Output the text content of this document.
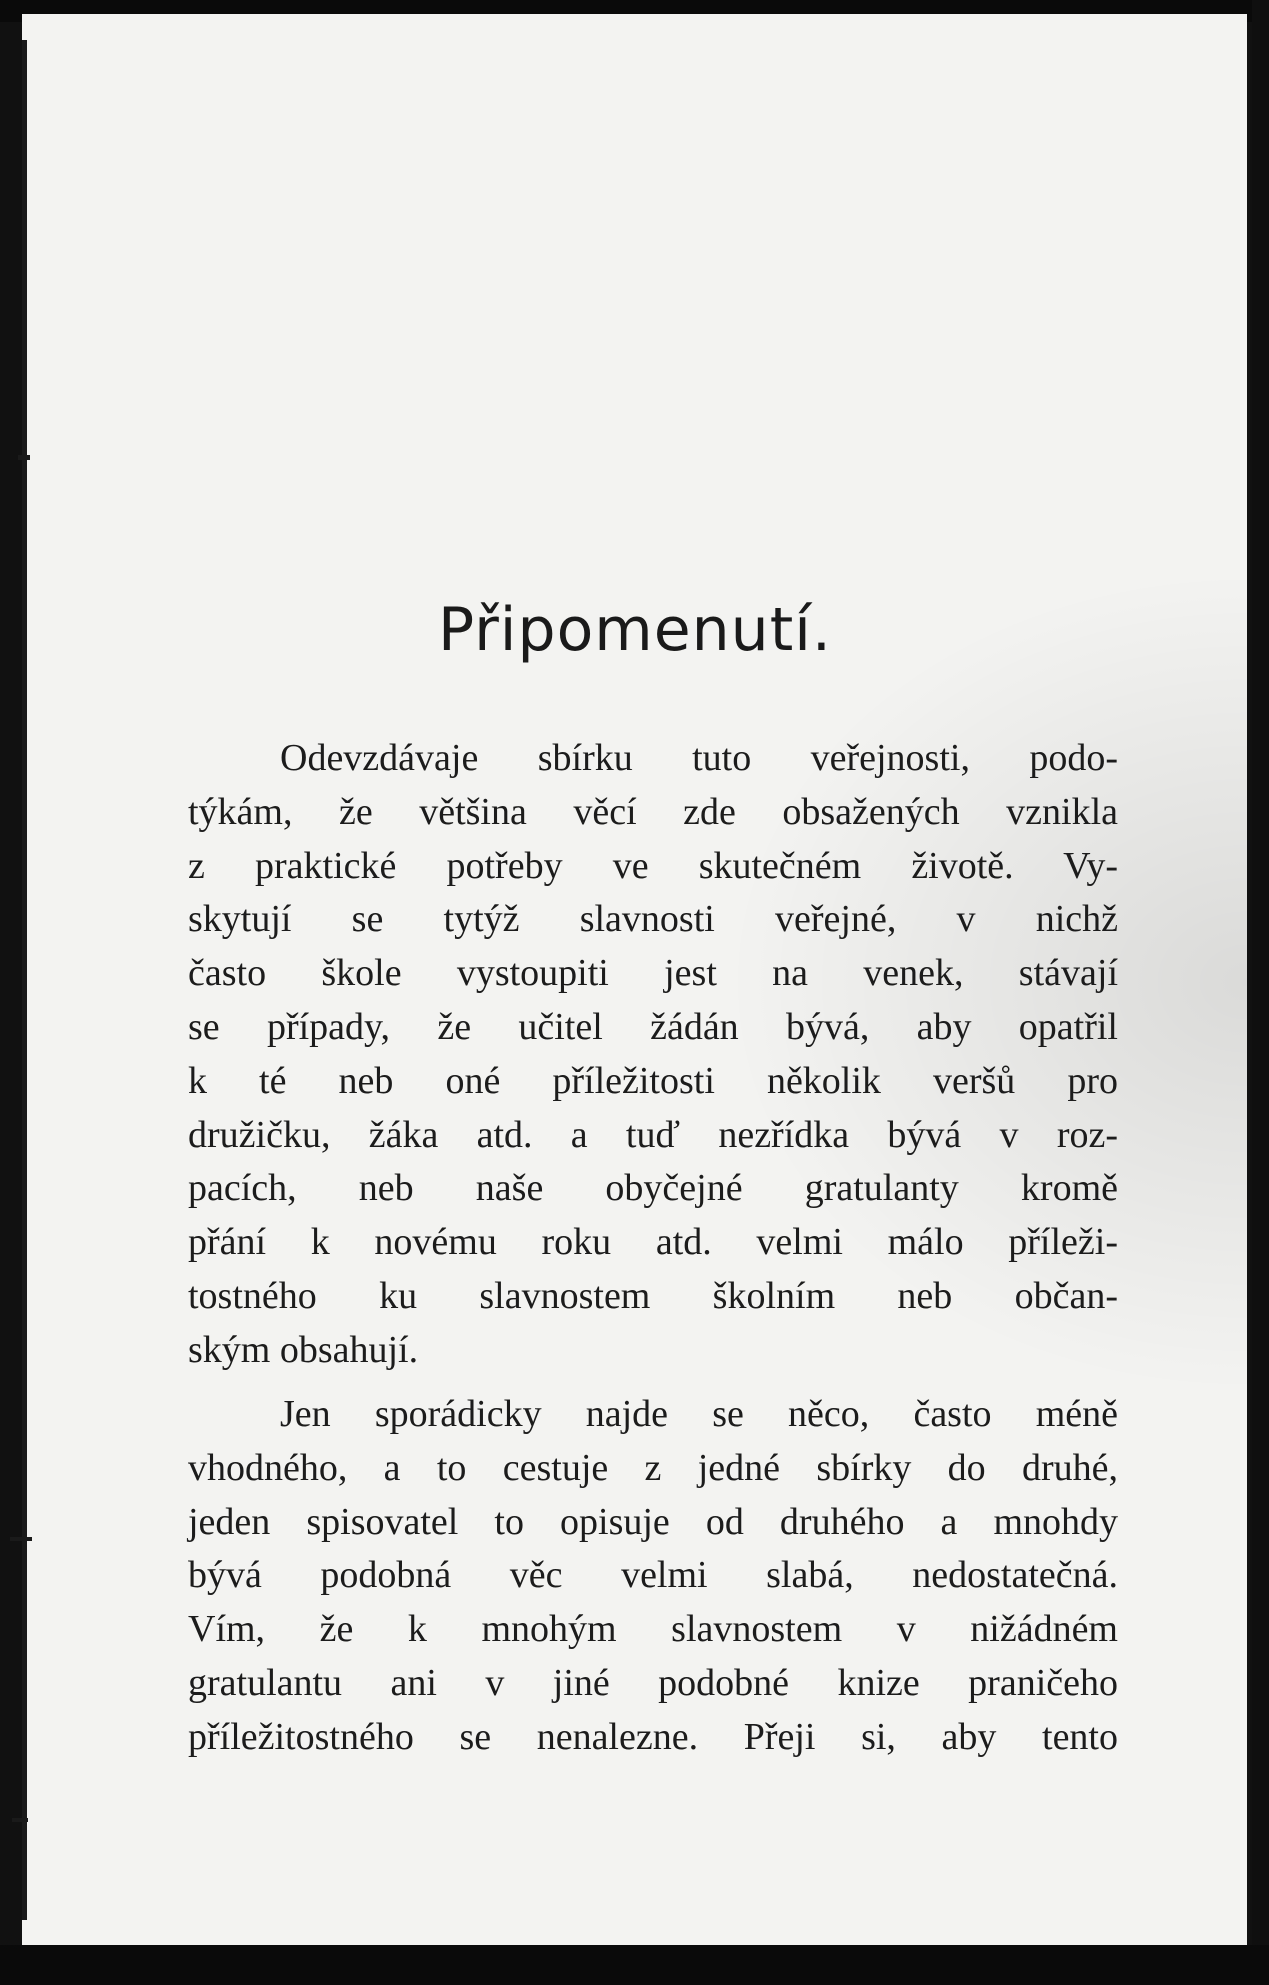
Připomenutí.
Odevzdávaje sbírku tuto veřejnosti, podo-
týkám, že většina věcí zde obsažených vznikla
z praktické potřeby ve skutečném životě. Vy-
skytují se tytýž slavnosti veřejné, v nichž
často škole vystoupiti jest na venek, stávají
se případy, že učitel žádán bývá, aby opatřil
k té neb oné příležitosti několik veršů pro
družičku, žáka atd. a tuď nezřídka bývá v roz-
pacích, neb naše obyčejné gratulanty kromě
přání k novému roku atd. velmi málo příleži-
tostného ku slavnostem školním neb občan-
ským obsahují.
Jen sporádicky najde se něco, často méně
vhodného, a to cestuje z jedné sbírky do druhé,
jeden spisovatel to opisuje od druhého a mnohdy
bývá podobná věc velmi slabá, nedostatečná.
Vím, že k mnohým slavnostem v nižádném
gratulantu ani v jiné podobné knize praničeho
příležitostného se nenalezne. Přeji si, aby tento
